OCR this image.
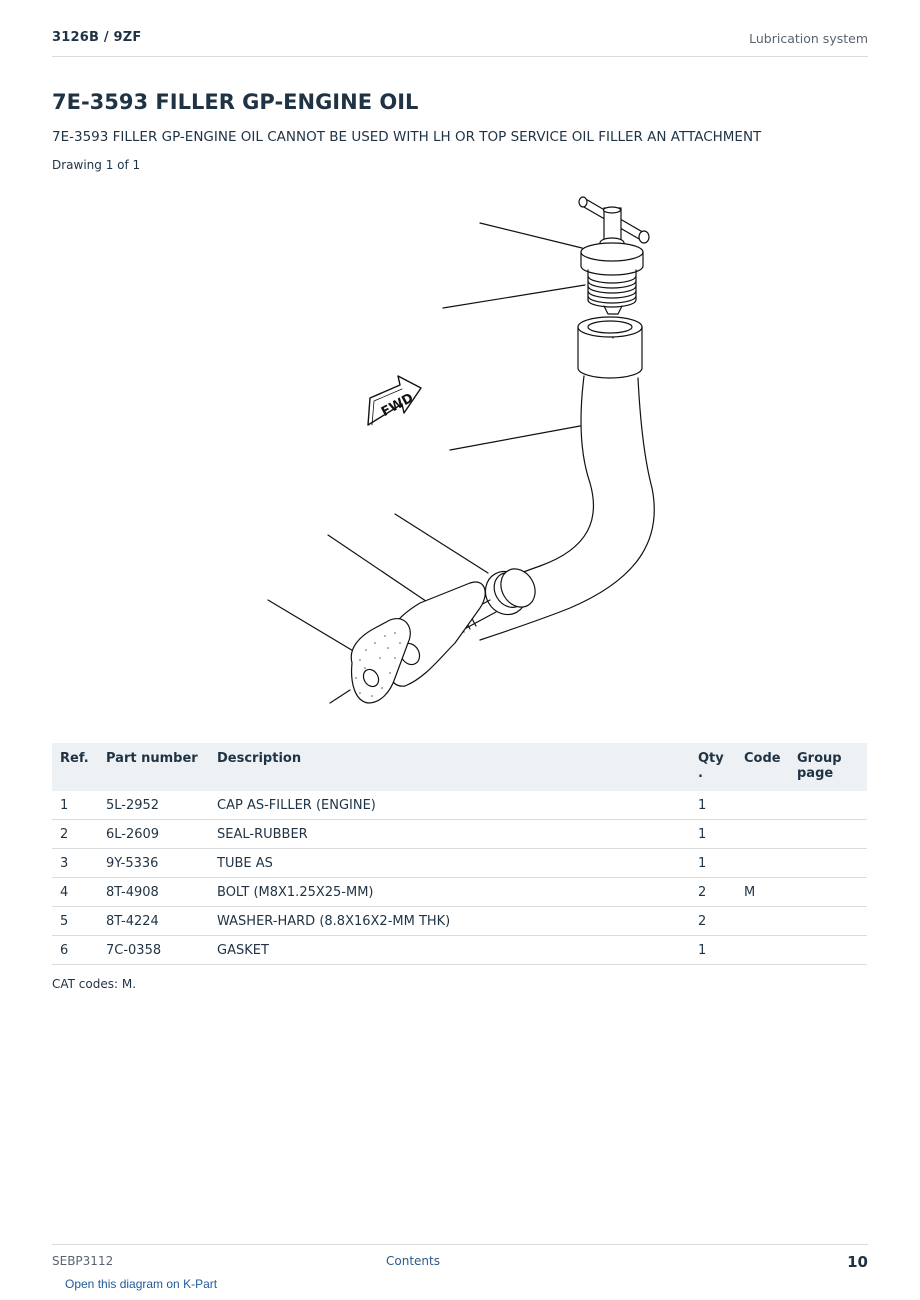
3126B / 9ZF	Lubrication system
7E-3593 FILLER GP-ENGINE OIL
7E-3593 FILLER GP-ENGINE OIL CANNOT BE USED WITH LH OR TOP SERVICE OIL FILLER AN ATTACHMENT
Drawing 1 of 1
FWD
Ref.	Part number	Description	Qty .	Code	Group page
1	5L-2952	CAP AS-FILLER (ENGINE)	1		
2	6L-2609	SEAL-RUBBER	1		
3	9Y-5336	TUBE AS	1		
4	8T-4908	BOLT (M8X1.25X25-MM)	2	M	
5	8T-4224	WASHER-HARD (8.8X16X2-MM THK)	2		
6	7C-0358	GASKET	1		
CAT codes: M.
SEBP3112	Contents	10
Open this diagram on K-Part
